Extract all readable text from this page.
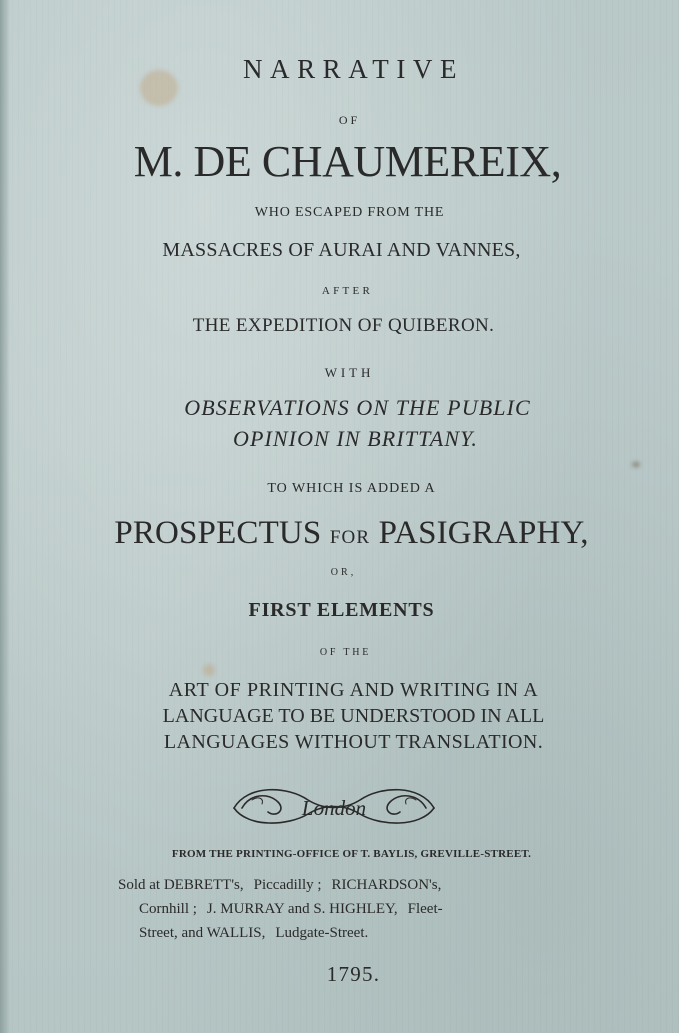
NARRATIVE

OF

M. DE CHAUMEREIX,

WHO ESCAPED FROM THE

MASSACRES OF AURAI AND VANNES,

AFTER

THE EXPEDITION OF QUIBERON.

WITH

OBSERVATIONS ON THE PUBLIC

OPINION IN BRITTANY.

TO WHICH IS ADDED A

PROSPECTUS FOR PASIGRAPHY,

OR,

FIRST ELEMENTS

OF THE

ART OF PRINTING AND WRITING IN A

LANGUAGE TO BE UNDERSTOOD IN ALL

LANGUAGES WITHOUT TRANSLATION.

London

FROM THE PRINTING-OFFICE OF T. BAYLIS, GREVILLE-STREET.

Sold at DEBRETT's, Piccadilly ; RICHARDSON's,

Cornhill ; J. MURRAY and S. HIGHLEY, Fleet-

Street, and WALLIS, Ludgate-Street.

1795.
